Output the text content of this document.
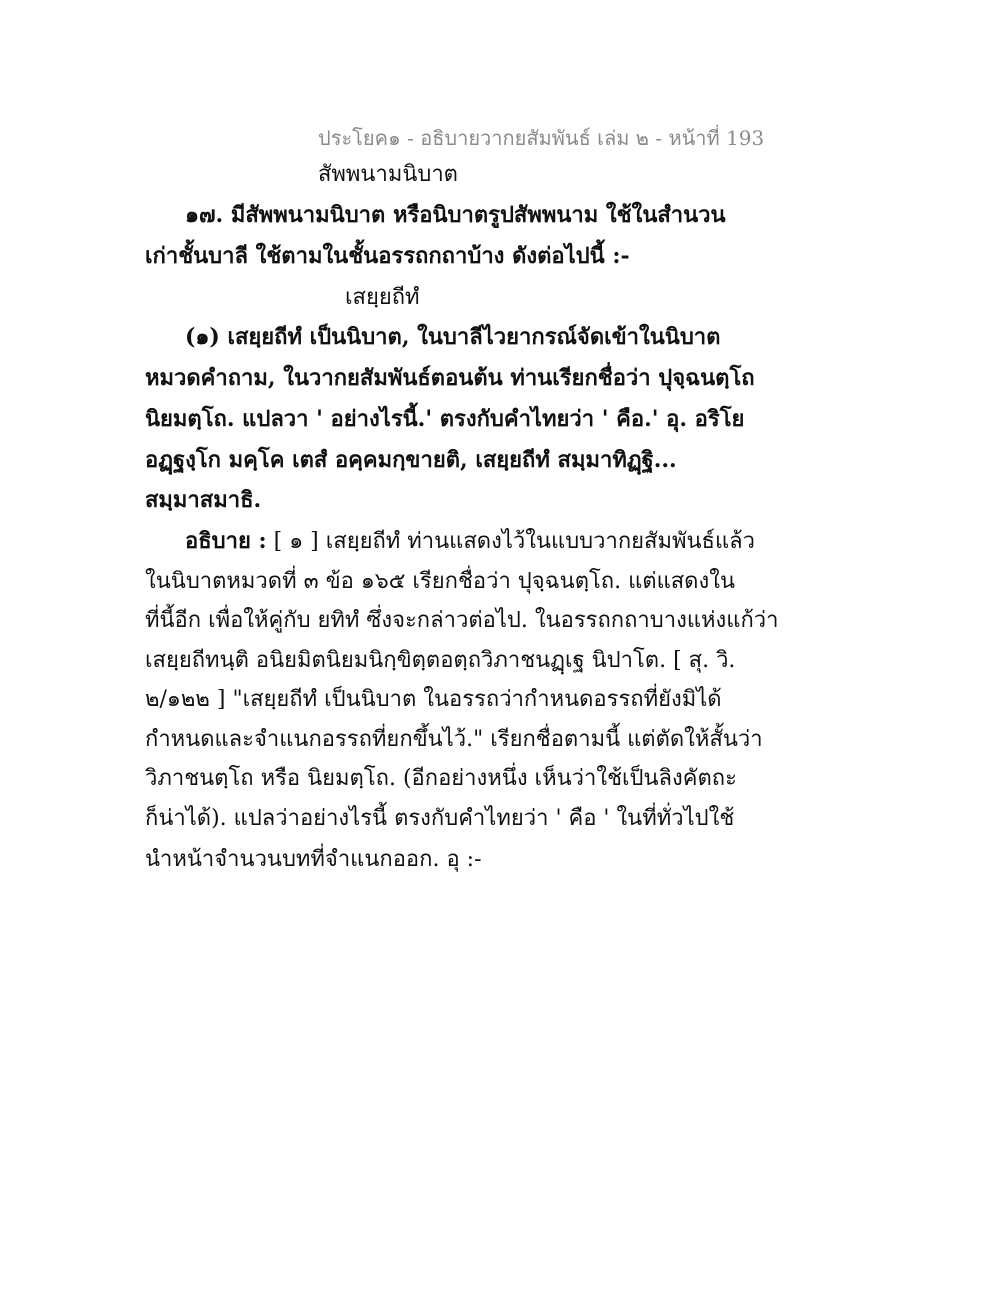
ประโยค๑ - อธิบายวากยสัมพันธ์ เล่ม ๒ - หน้าที่ 193
สัพพนามนิบาต
๑๗. มีสัพพนามนิบาต หรือนิบาตรูปสัพพนาม ใช้ในสำนวน
เก่าชั้นบาลี ใช้ตามในชั้นอรรถกถาบ้าง ดังต่อไปนี้ :-
เสยฺยถีทํ
(๑) เสยฺยถีทํ เป็นนิบาต, ในบาลีไวยากรณ์จัดเข้าในนิบาต
หมวดคำถาม, ในวากยสัมพันธ์ตอนต้น ท่านเรียกชื่อว่า ปุจฺฉนตฺโถ
นิยมตฺโถ. แปลวา ' อย่างไรนี้.' ตรงกับคำไทยว่า ' คือ.' อุ. อริโย
อฏฺฐงฺโก มคฺโค เตสํ อคฺคมกฺขายติ, เสยฺยถีทํ สมฺมาทิฏฺฐิ...
สมฺมาสมาธิ.
อธิบาย : [ ๑ ] เสยฺยถีทํ ท่านแสดงไว้ในแบบวากยสัมพันธ์แล้ว
ในนิบาตหมวดที่ ๓ ข้อ ๑๖๕ เรียกชื่อว่า ปุจฺฉนตฺโถ. แต่แสดงใน
ที่นี้อีก เพื่อให้คู่กับ ยทิทํ ซึ่งจะกล่าวต่อไป. ในอรรถกถาบางแห่งแก้ว่า
เสยฺยถีทนฺติ อนิยมิตนิยมนิกฺขิตฺตอตฺถวิภาชนฏฺเฐ นิปาโต. [ สุ. วิ.
๒/๑๒๒ ] "เสยฺยถีทํ เป็นนิบาต ในอรรถว่ากำหนดอรรถที่ยังมิได้
กำหนดและจำแนกอรรถที่ยกขึ้นไว้." เรียกชื่อตามนี้ แต่ตัดให้สั้นว่า
วิภาชนตฺโถ หรือ นิยมตฺโถ. (อีกอย่างหนึ่ง เห็นว่าใช้เป็นลิงคัตถะ
ก็น่าได้). แปลว่าอย่างไรนี้ ตรงกับคำไทยว่า ' คือ ' ในที่ทั่วไปใช้
นำหน้าจำนวนบทที่จำแนกออก. อุ :-
